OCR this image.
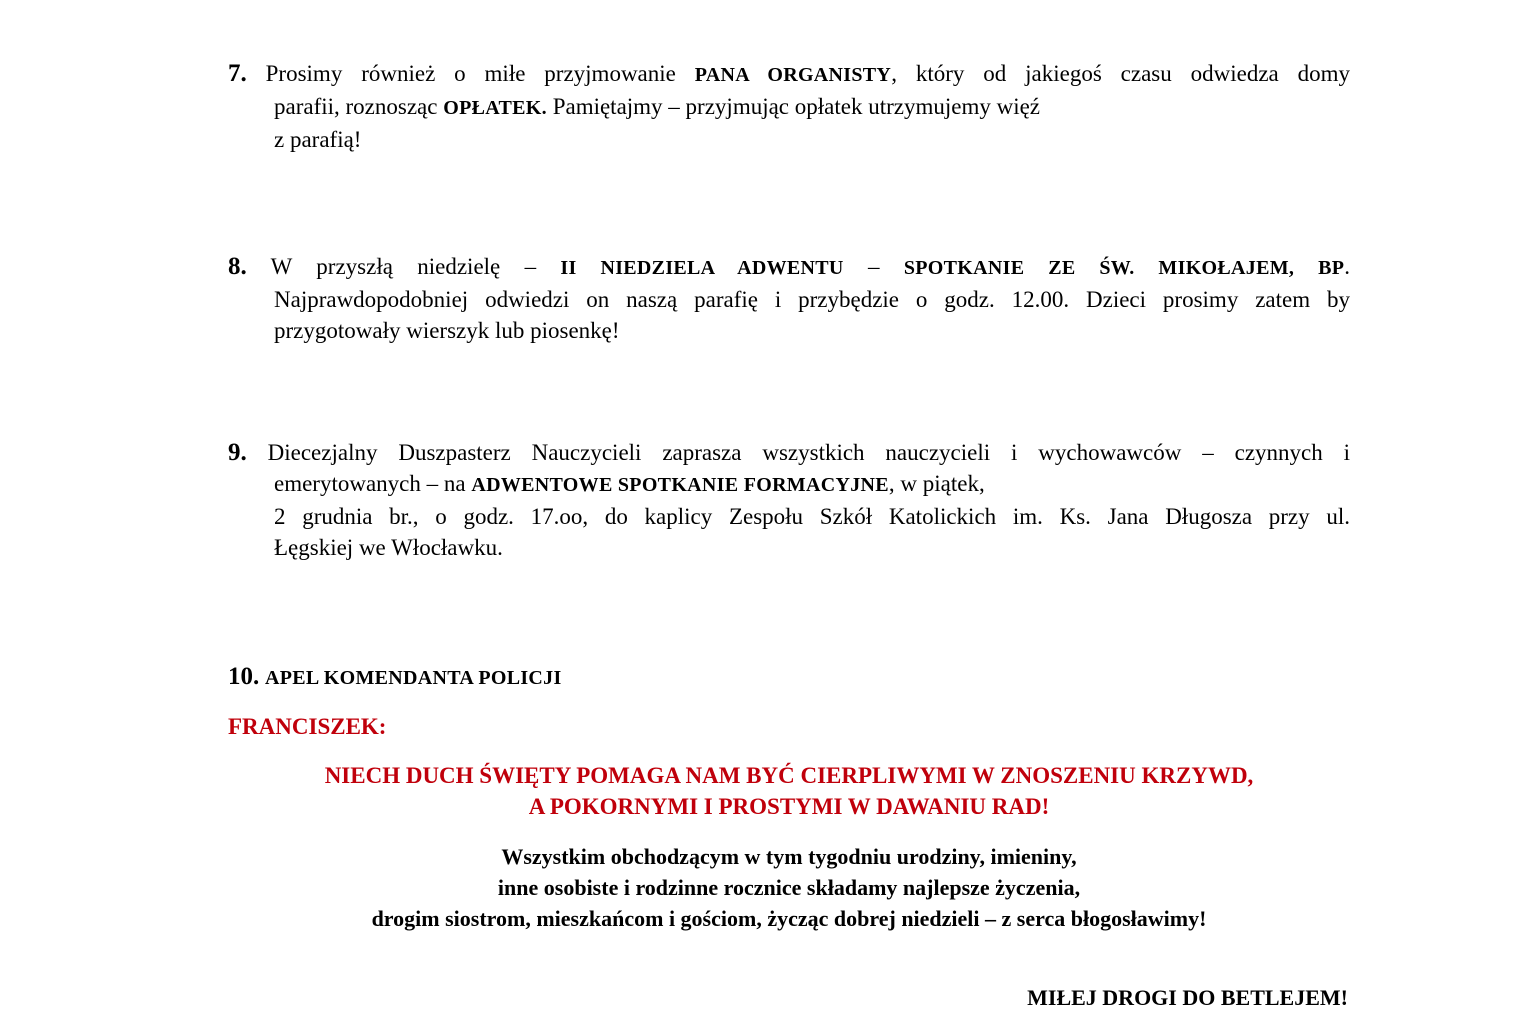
7. Prosimy również o miłe przyjmowanie PANA ORGANISTY, który od jakiegoś czasu odwiedza domy
parafii, roznosząc OPŁATEK. Pamiętajmy – przyjmując opłatek utrzymujemy więź
z parafią!
8. W przyszłą niedzielę – II NIEDZIELA ADWENTU – SPOTKANIE ZE ŚW. MIKOŁAJEM, BP.
Najprawdopodobniej odwiedzi on naszą parafię i przybędzie o godz. 12.00. Dzieci prosimy zatem by
przygotowały wierszyk lub piosenkę!
9. Diecezjalny Duszpasterz Nauczycieli zaprasza wszystkich nauczycieli i wychowawców – czynnych i
emerytowanych – na ADWENTOWE SPOTKANIE FORMACYJNE, w piątek,
2 grudnia br., o godz. 17.oo, do kaplicy Zespołu Szkół Katolickich im. Ks. Jana Długosza przy ul.
Łęgskiej we Włocławku.
10. APEL KOMENDANTA POLICJI
FRANCISZEK:
NIECH DUCH ŚWIĘTY POMAGA NAM BYĆ CIERPLIWYMI W ZNOSZENIU KRZYWD,
A POKORNYMI I PROSTYMI W DAWANIU RAD!
Wszystkim obchodzącym w tym tygodniu urodziny, imieniny,
inne osobiste i rodzinne rocznice składamy najlepsze życzenia,
drogim siostrom, mieszkańcom i gościom, życząc dobrej niedzieli – z serca błogosławimy!
MIŁEJ DROGI DO BETLEJEM!
